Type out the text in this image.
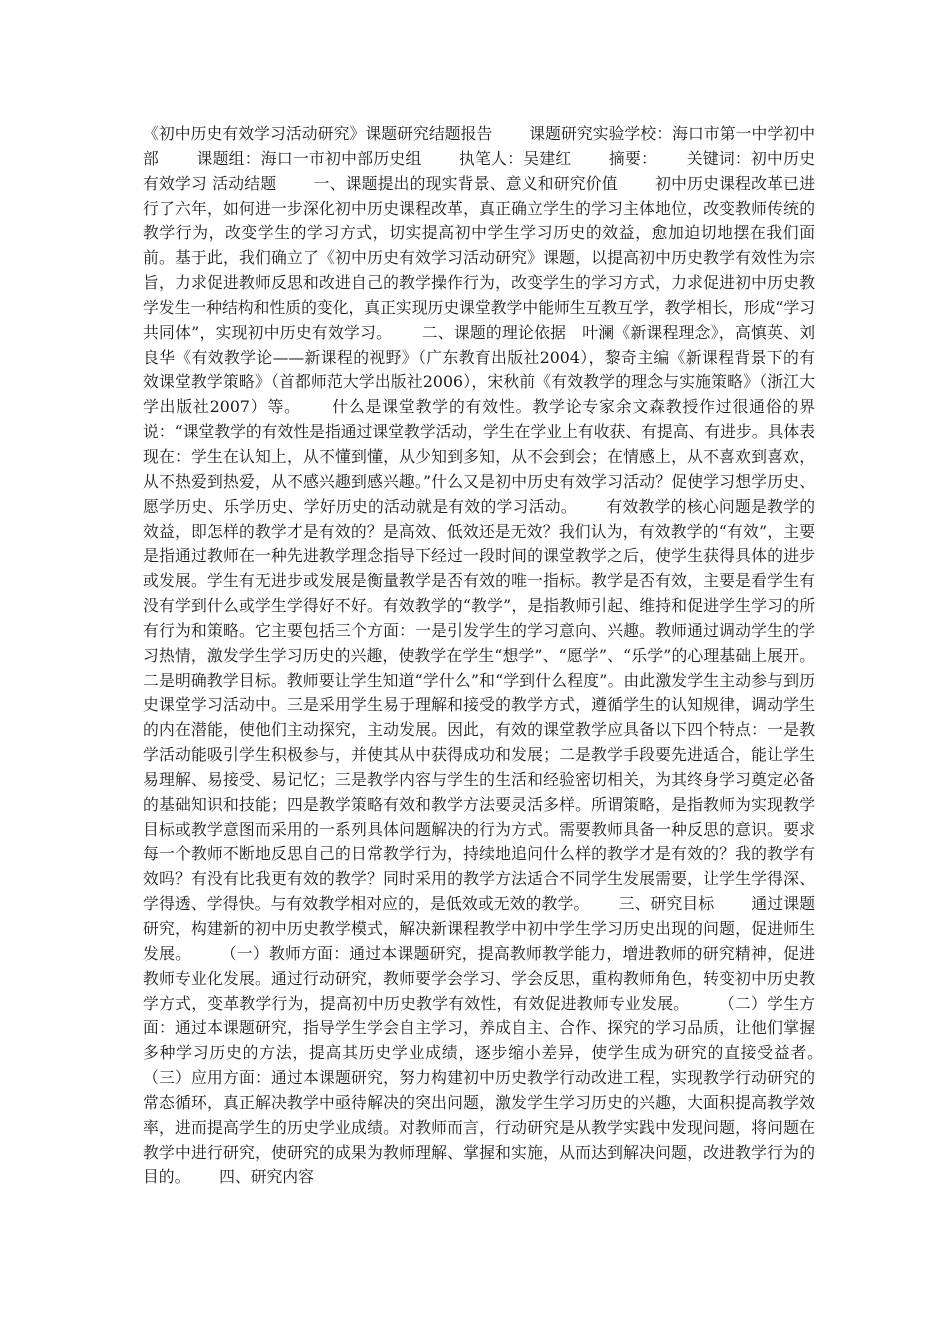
《初中历史有效学习活动研究》课题研究结题报告　　 课题研究实验学校：海口市第一中学初中部　　 课题组：海口一市初中部历史组　　 执笔人：吴建红　　 摘要：　　 关键词：初中历史 有效学习 活动结题　　 一、课题提出的现实背景、意义和研究价值　　 初中历史课程改革已进行了六年，如何进一步深化初中历史课程改革，真正确立学生的学习主体地位，改变教师传统的教学行为，改变学生的学习方式，切实提高初中学生学习历史的效益，愈加迫切地摆在我们面前。基于此，我们确立了《初中历史有效学习活动研究》课题，以提高初中历史教学有效性为宗旨，力求促进教师反思和改进自己的教学操作行为，改变学生的学习方式，力求促进初中历史教学发生一种结构和性质的变化，真正实现历史课堂教学中能师生互教互学，教学相长，形成“学习共同体”，实现初中历史有效学习。　　 二、课题的理论依据　叶澜《新课程理念》，高慎英、刘良华《有效教学论——新课程的视野》（广东教育出版社2004），黎奇主编《新课程背景下的有效课堂教学策略》（首都师范大学出版社2006），宋秋前《有效教学的理念与实施策略》（浙江大学出版社2007）等。　　 什么是课堂教学的有效性。教学论专家余文森教授作过很通俗的界说：“课堂教学的有效性是指通过课堂教学活动，学生在学业上有收获、有提高、有进步。具体表现在：学生在认知上，从不懂到懂，从少知到多知，从不会到会；在情感上，从不喜欢到喜欢，从不热爱到热爱，从不感兴趣到感兴趣。”什么又是初中历史有效学习活动？促使学习想学历史、愿学历史、乐学历史、学好历史的活动就是有效的学习活动。　　 有效教学的核心问题是教学的效益，即怎样的教学才是有效的？是高效、低效还是无效？我们认为，有效教学的“有效”，主要是指通过教师在一种先进教学理念指导下经过一段时间的课堂教学之后，使学生获得具体的进步或发展。学生有无进步或发展是衡量教学是否有效的唯一指标。教学是否有效，主要是看学生有没有学到什么或学生学得好不好。有效教学的“教学”，是指教师引起、维持和促进学生学习的所有行为和策略。它主要包括三个方面：一是引发学生的学习意向、兴趣。教师通过调动学生的学习热情，激发学生学习历史的兴趣，使教学在学生“想学”、“愿学”、“乐学”的心理基础上展开。二是明确教学目标。教师要让学生知道“学什么”和“学到什么程度”。由此激发学生主动参与到历史课堂学习活动中。三是采用学生易于理解和接受的教学方式，遵循学生的认知规律，调动学生的内在潜能，使他们主动探究，主动发展。因此，有效的课堂教学应具备以下四个特点：一是教学活动能吸引学生积极参与，并使其从中获得成功和发展；二是教学手段要先进适合，能让学生易理解、易接受、易记忆；三是教学内容与学生的生活和经验密切相关，为其终身学习奠定必备的基础知识和技能；四是教学策略有效和教学方法要灵活多样。所谓策略，是指教师为实现教学目标或教学意图而采用的一系列具体问题解决的行为方式。需要教师具备一种反思的意识。要求每一个教师不断地反思自己的日常教学行为，持续地追问什么样的教学才是有效的？我的教学有效吗？有没有比我更有效的教学？同时采用的教学方法适合不同学生发展需要，让学生学得深、学得透、学得快。与有效教学相对应的，是低效或无效的教学。　　 三、研究目标　　 通过课题研究，构建新的初中历史教学模式，解决新课程教学中初中学生学习历史出现的问题，促进师生发展。　　 （一）教师方面：通过本课题研究，提高教师教学能力，增进教师的研究精神，促进教师专业化发展。通过行动研究，教师要学会学习、学会反思，重构教师角色，转变初中历史教学方式，变革教学行为，提高初中历史教学有效性，有效促进教师专业发展。　　 （二）学生方面：通过本课题研究，指导学生学会自主学习，养成自主、合作、探究的学习品质，让他们掌握多种学习历史的方法，提高其历史学业成绩，逐步缩小差异，使学生成为研究的直接受益者。　　 （三）应用方面：通过本课题研究，努力构建初中历史教学行动改进工程，实现教学行动研究的常态循环，真正解决教学中亟待解决的突出问题，激发学生学习历史的兴趣，大面积提高教学效率，进而提高学生的历史学业成绩。对教师而言，行动研究是从教学实践中发现问题，将问题在教学中进行研究，使研究的成果为教师理解、掌握和实施，从而达到解决问题，改进教学行为的目的。　　 四、研究内容
